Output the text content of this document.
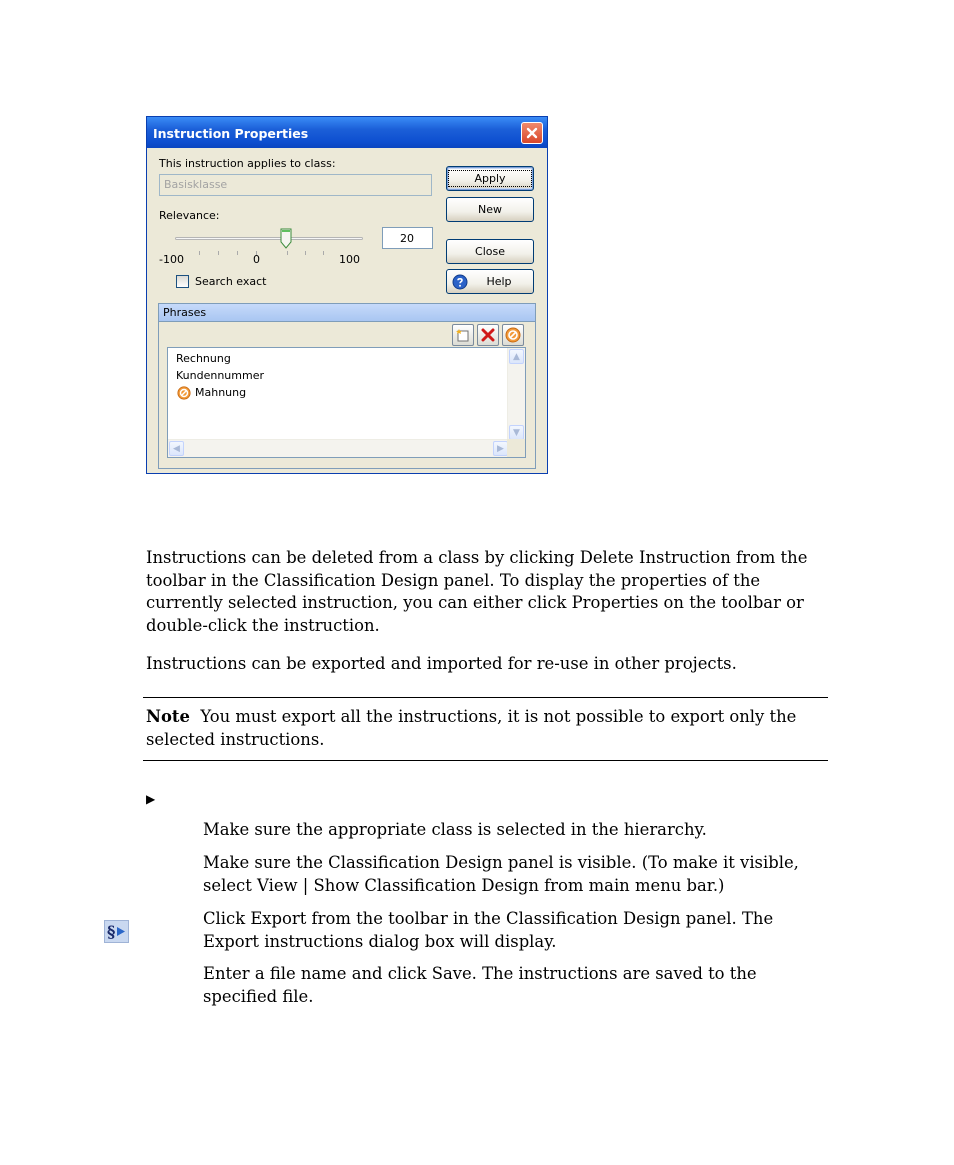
Instruction Properties
This instruction applies to class:
Basisklasse
Relevance:
-100	0	100
20
Search exact
Apply
New
Close
Help
Phrases
Rechnung
Kundennummer
Mahnung
▲
▼
◀	▶
Instructions can be deleted from a class by clicking Delete Instruction from the toolbar in the Classification Design panel. To display the properties of the currently selected instruction, you can either click Properties on the toolbar or double-click the instruction.
Instructions can be exported and imported for re-use in other projects.
Note You must export all the instructions, it is not possible to export only the selected instructions.
▶
Make sure the appropriate class is selected in the hierarchy.
Make sure the Classification Design panel is visible. (To make it visible, select View | Show Classification Design from main menu bar.)
§
Click Export from the toolbar in the Classification Design panel. The Export instructions dialog box will display.
Enter a file name and click Save. The instructions are saved to the specified file.
